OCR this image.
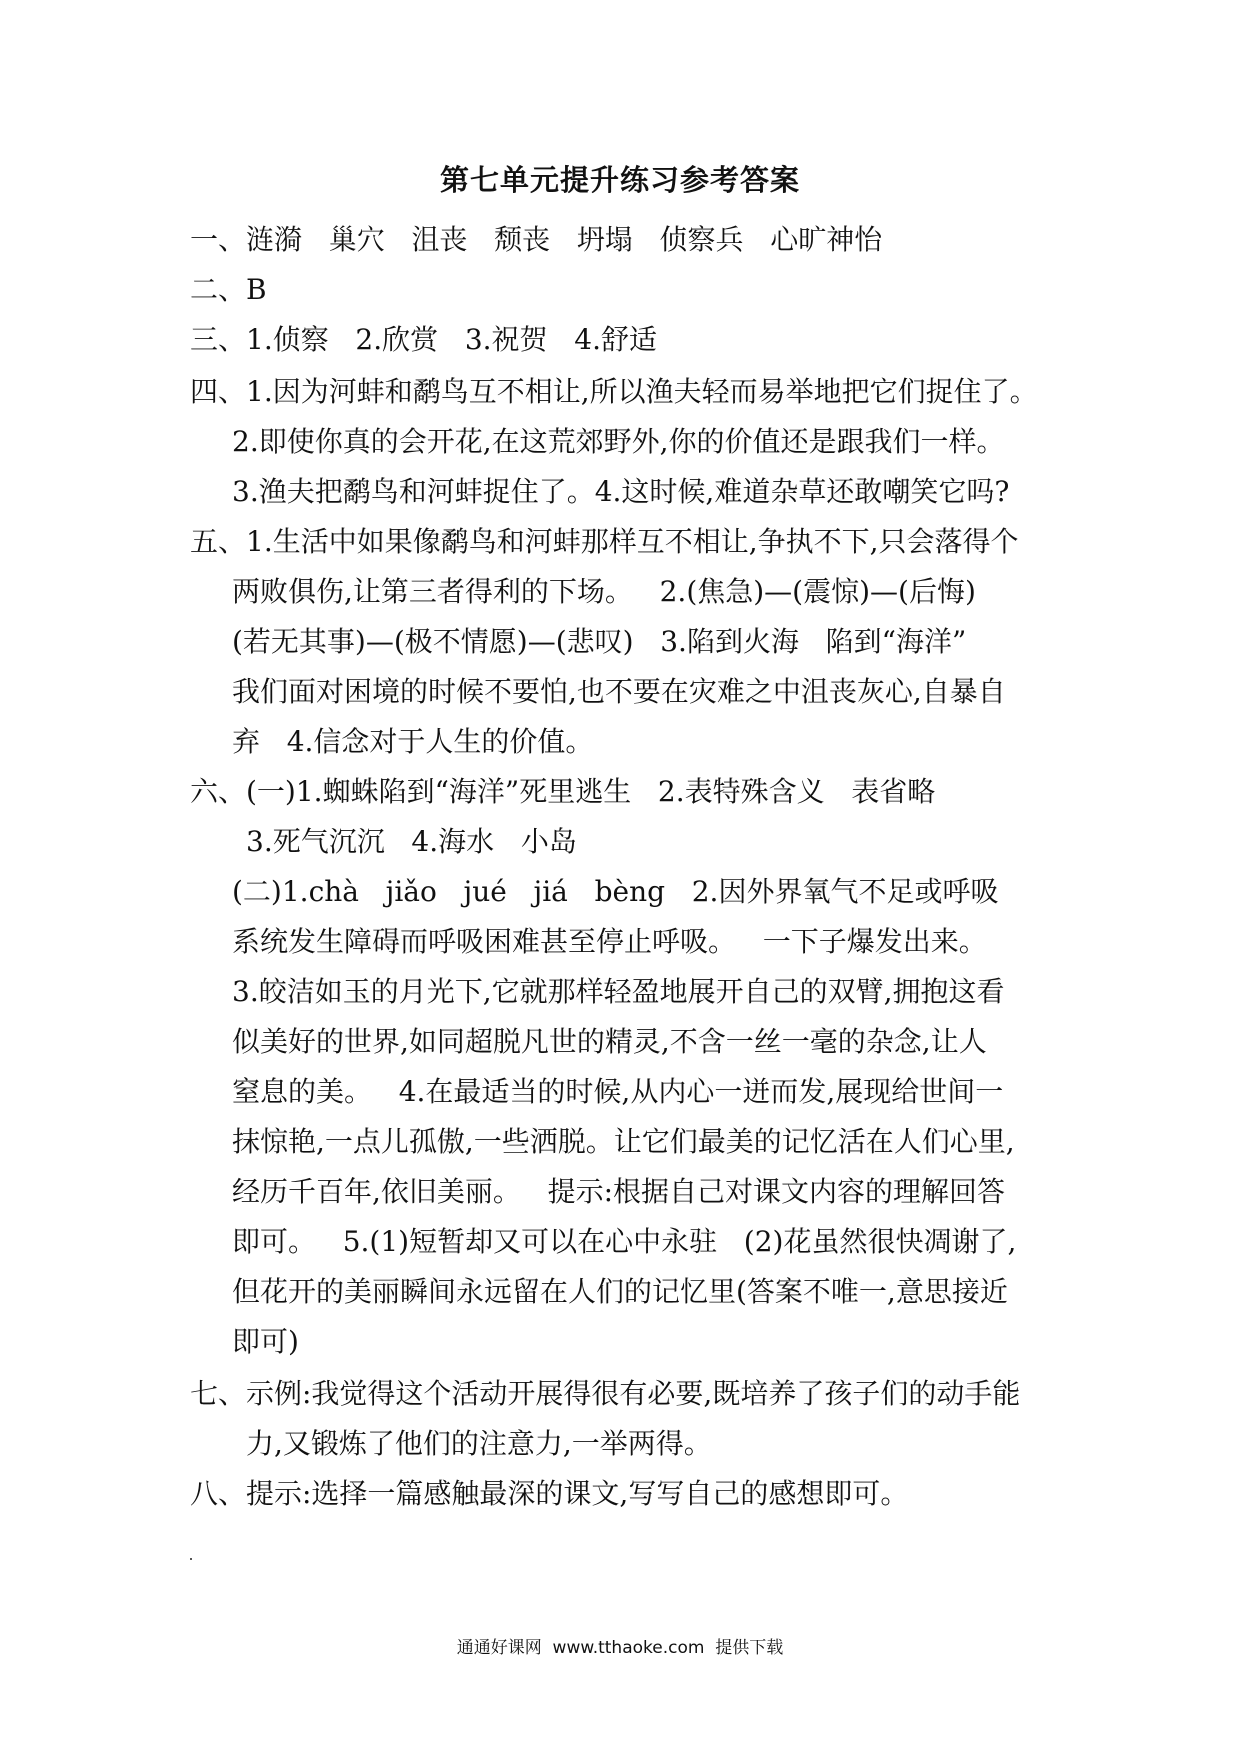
第七单元提升练习参考答案
一、涟漪   巢穴   沮丧   颓丧   坍塌   侦察兵   心旷神怡
二、B
三、1.侦察   2.欣赏   3.祝贺   4.舒适
四、1.因为河蚌和鹬鸟互不相让,所以渔夫轻而易举地把它们捉住了。
2.即使你真的会开花,在这荒郊野外,你的价值还是跟我们一样。
3.渔夫把鹬鸟和河蚌捉住了。4.这时候,难道杂草还敢嘲笑它吗?
五、1.生活中如果像鹬鸟和河蚌那样互不相让,争执不下,只会落得个
两败俱伤,让第三者得利的下场。   2.(焦急)—(震惊)—(后悔)
(若无其事)—(极不情愿)—(悲叹)   3.陷到火海   陷到“海洋”
我们面对困境的时候不要怕,也不要在灾难之中沮丧灰心,自暴自
弃   4.信念对于人生的价值。
六、(一)1.蜘蛛陷到“海洋”死里逃生   2.表特殊含义   表省略
3.死气沉沉   4.海水   小岛
(二)1.chà   jiǎo   jué   jiá   bèng   2.因外界氧气不足或呼吸
系统发生障碍而呼吸困难甚至停止呼吸。   一下子爆发出来。
3.皎洁如玉的月光下,它就那样轻盈地展开自己的双臂,拥抱这看
似美好的世界,如同超脱凡世的精灵,不含一丝一毫的杂念,让人
窒息的美。   4.在最适当的时候,从内心一迸而发,展现给世间一
抹惊艳,一点儿孤傲,一些洒脱。让它们最美的记忆活在人们心里,
经历千百年,依旧美丽。   提示:根据自己对课文内容的理解回答
即可。   5.(1)短暂却又可以在心中永驻   (2)花虽然很快凋谢了,
但花开的美丽瞬间永远留在人们的记忆里(答案不唯一,意思接近
即可)
七、示例:我觉得这个活动开展得很有必要,既培养了孩子们的动手能
力,又锻炼了他们的注意力,一举两得。
八、提示:选择一篇感触最深的课文,写写自己的感想即可。
通通好课网  www.tthaoke.com  提供下载
